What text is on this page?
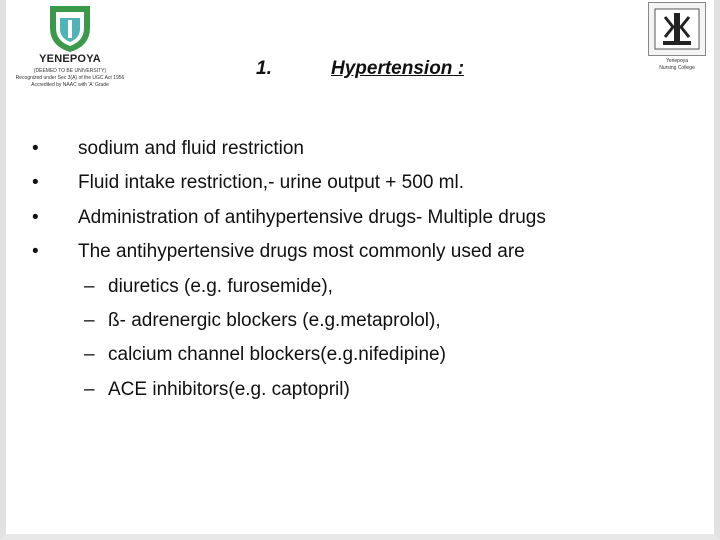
YENEPOYA
(DEEMED TO BE UNIVERSITY)
Recognized under Sec 3(A) of the UGC Act 1956
Accredited by NAAC with 'A' Grade
Yenepoya
Nursing College
1.	Hypertension :
• sodium and fluid restriction
• Fluid intake restriction,- urine output + 500 ml.
• Administration of antihypertensive drugs- Multiple drugs
• The antihypertensive drugs most commonly used are
– diuretics (e.g. furosemide),
– ß- adrenergic blockers (e.g.metaprolol),
– calcium channel blockers(e.g.nifedipine)
– ACE inhibitors(e.g. captopril)
